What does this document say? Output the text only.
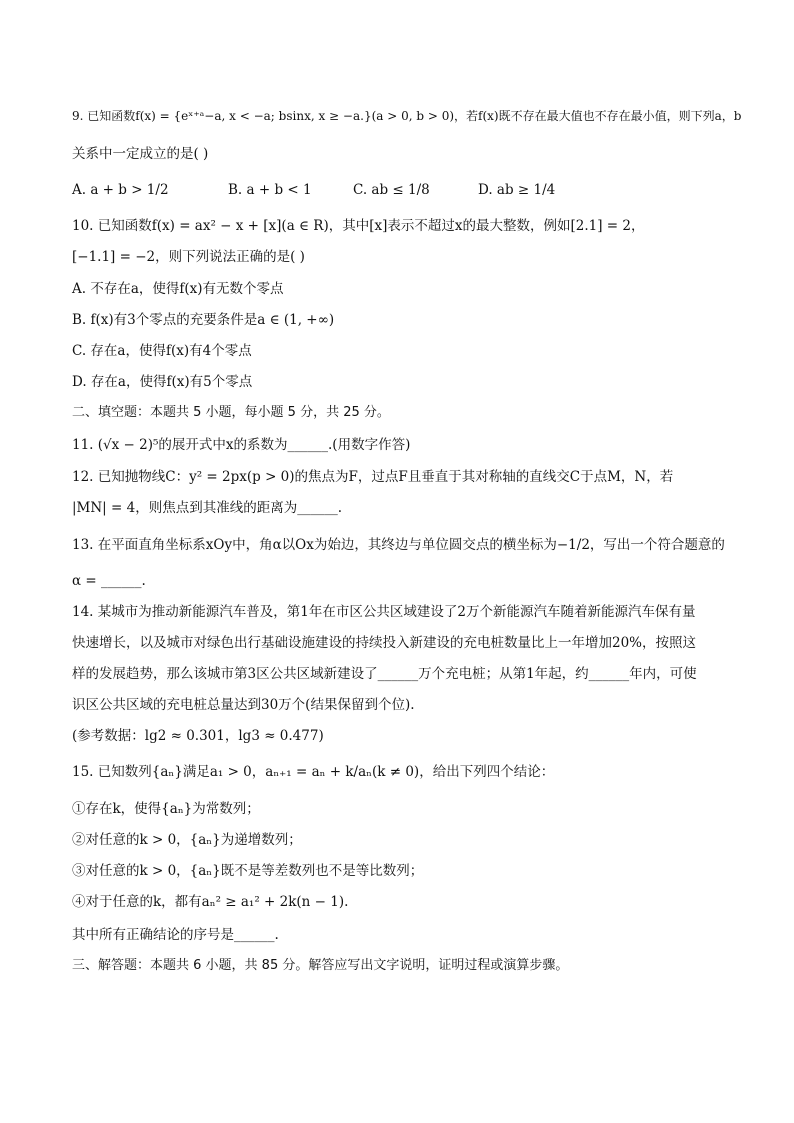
9. 已知函数f(x) = {eˣ⁺ᵃ−a, x < −a; bsinx, x ≥ −a.}(a > 0, b > 0)，若f(x)既不存在最大值也不存在最小值，则下列a，b
关系中一定成立的是( )
A. a + b > 1/2	B. a + b < 1	C. ab ≤ 1/8	D. ab ≥ 1/4
10. 已知函数f(x) = ax² − x + [x](a ∈ R)，其中[x]表示不超过x的最大整数，例如[2.1] = 2，
[−1.1] = −2，则下列说法正确的是( )
A. 不存在a，使得f(x)有无数个零点
B. f(x)有3个零点的充要条件是a ∈ (1, +∞)
C. 存在a，使得f(x)有4个零点
D. 存在a，使得f(x)有5个零点
二、填空题：本题共 5 小题，每小题 5 分，共 25 分。
11. (√x − 2)⁵的展开式中x的系数为______.(用数字作答)
12. 已知抛物线C：y² = 2px(p > 0)的焦点为F，过点F且垂直于其对称轴的直线交C于点M，N，若
|MN| = 4，则焦点到其准线的距离为______.
13. 在平面直角坐标系xOy中，角α以Ox为始边，其终边与单位圆交点的横坐标为−1/2，写出一个符合题意的
α = ______.
14. 某城市为推动新能源汽车普及，第1年在市区公共区域建设了2万个新能源汽车随着新能源汽车保有量
快速增长，以及城市对绿色出行基础设施建设的持续投入新建设的充电桩数量比上一年增加20%，按照这
样的发展趋势，那么该城市第3区公共区域新建设了______万个充电桩；从第1年起，约______年内，可使
识区公共区域的充电桩总量达到30万个(结果保留到个位).
(参考数据：lg2 ≈ 0.301，lg3 ≈ 0.477)
15. 已知数列{aₙ}满足a₁ > 0，aₙ₊₁ = aₙ + k/aₙ(k ≠ 0)，给出下列四个结论：
①存在k，使得{aₙ}为常数列；
②对任意的k > 0，{aₙ}为递增数列；
③对任意的k > 0，{aₙ}既不是等差数列也不是等比数列；
④对于任意的k，都有aₙ² ≥ a₁² + 2k(n − 1).
其中所有正确结论的序号是______.
三、解答题：本题共 6 小题，共 85 分。解答应写出文字说明，证明过程或演算步骤。
